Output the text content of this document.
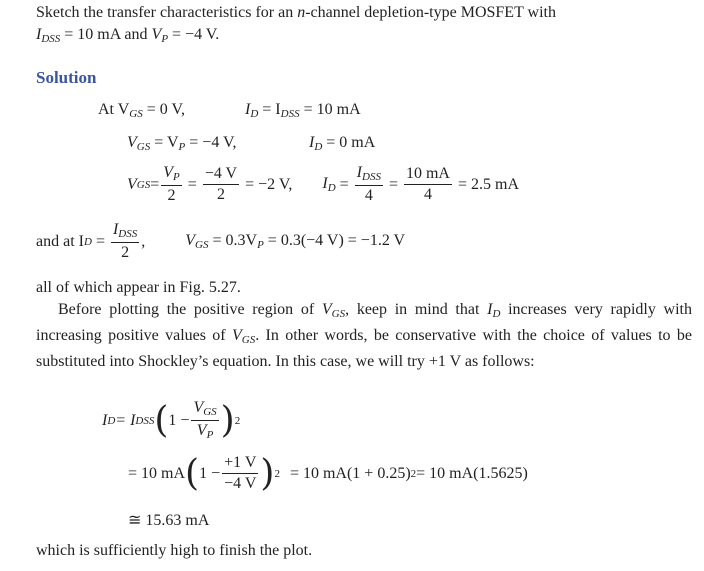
Sketch the transfer characteristics for an n-channel depletion-type MOSFET with
$I_{DSS} = 10$ mA and $V_P = -4$ V.
Solution
At $V_{GS} = 0$ V,	$I_D = I_{DSS} = 10$ mA
$V_{GS} = V_P = -4$ V,	$I_D = 0$ mA
V GS = $\frac{V_P}{2} = \frac{-4 V}{2} = -2$ V, $I_D = \frac{I_{DSS}}{4} = \frac{10 mA}{4} = 2.5$ mA
and at I $D = \frac{I_{DSS}}{2}$ ,	$V_{GS} = 0.3V_P = 0.3(-4$ V) = −1.2 V
all of which appear in Fig. 5.27.
Before plotting the positive region of $V_{GS}$, keep in mind that $I_D$ increases very rapidly with increasing positive values of $V_{GS}$. In other words, be conservative with the choice of values to be substituted into Shockley’s equation. In this case, we will try +1 V as follows:
I D = I DSS ( $1 - \frac{V_{GS}}{V_P}$ ) 2
= 10 mA ( $1 - \frac{+1 V}{-4 V}$ ) 2 = 10 mA(1 + 0.25) 2 = 10 mA(1.5625)
≅ 15.63 mA
which is sufficiently high to finish the plot.
